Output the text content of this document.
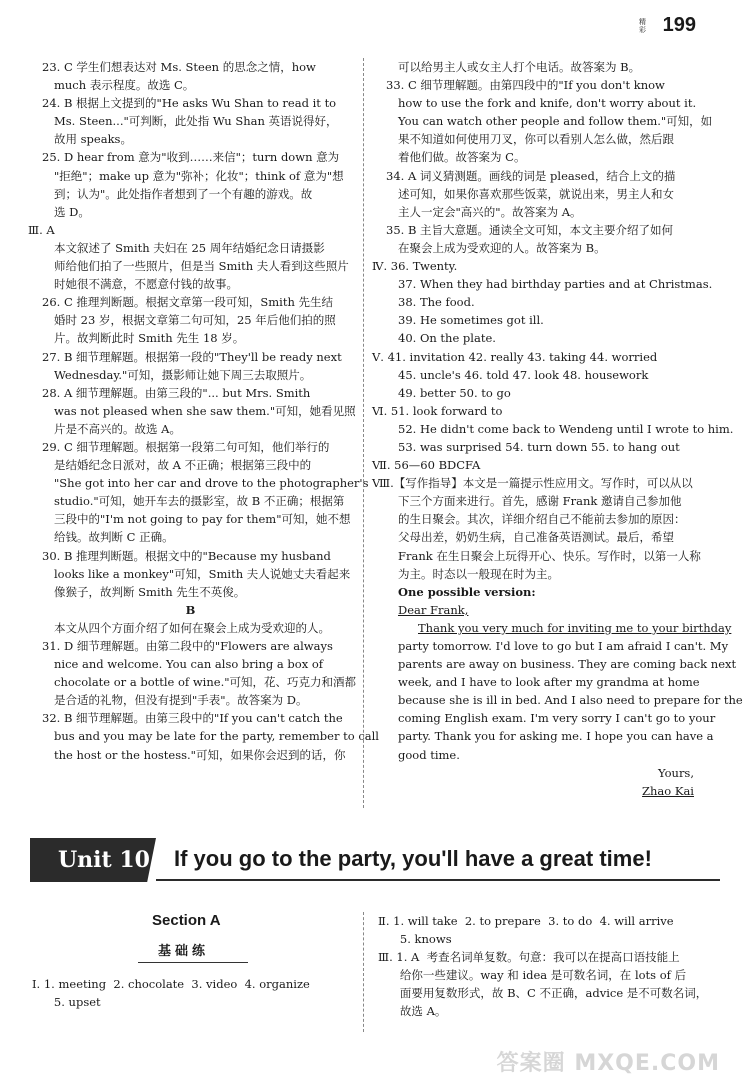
精
彩 199
23. C 学生们想表达对 Ms. Steen 的思念之情，how
much 表示程度。故选 C。
24. B 根据上文提到的"He asks Wu Shan to read it to
Ms. Steen..."可判断，此处指 Wu Shan 英语说得好，
故用 speaks。
25. D hear from 意为"收到……来信"；turn down 意为
"拒绝"；make up 意为"弥补；化妆"；think of 意为"想
到；认为"。此处指作者想到了一个有趣的游戏。故
选 D。
Ⅲ. A
本文叙述了 Smith 夫妇在 25 周年结婚纪念日请摄影
师给他们拍了一些照片，但是当 Smith 夫人看到这些照片
时她很不满意，不愿意付钱的故事。
26. C 推理判断题。根据文章第一段可知，Smith 先生结
婚时 23 岁，根据文章第二句可知，25 年后他们拍的照
片。故判断此时 Smith 先生 18 岁。
27. B 细节理解题。根据第一段的"They'll be ready next
Wednesday."可知，摄影师让她下周三去取照片。
28. A 细节理解题。由第三段的"... but Mrs. Smith
was not pleased when she saw them."可知，她看见照
片是不高兴的。故选 A。
29. C 细节理解题。根据第一段第二句可知，他们举行的
是结婚纪念日派对，故 A 不正确；根据第三段中的
"She got into her car and drove to the photographer's
studio."可知，她开车去的摄影室，故 B 不正确；根据第
三段中的"I'm not going to pay for them"可知，她不想
给钱。故判断 C 正确。
30. B 推理判断题。根据文中的"Because my husband
looks like a monkey"可知，Smith 夫人说她丈夫看起来
像猴子，故判断 Smith 先生不英俊。
B
本文从四个方面介绍了如何在聚会上成为受欢迎的人。
31. D 细节理解题。由第二段中的"Flowers are always
nice and welcome. You can also bring a box of
chocolate or a bottle of wine."可知，花、巧克力和酒都
是合适的礼物，但没有提到"手表"。故答案为 D。
32. B 细节理解题。由第三段中的"If you can't catch the
bus and you may be late for the party, remember to call
the host or the hostess."可知，如果你会迟到的话，你
可以给男主人或女主人打个电话。故答案为 B。
33. C 细节理解题。由第四段中的"If you don't know
how to use the fork and knife, don't worry about it.
You can watch other people and follow them."可知，如
果不知道如何使用刀叉，你可以看别人怎么做，然后跟
着他们做。故答案为 C。
34. A 词义猜测题。画线的词是 pleased，结合上文的描
述可知，如果你喜欢那些饭菜，就说出来，男主人和女
主人一定会"高兴的"。故答案为 A。
35. B 主旨大意题。通读全文可知，本文主要介绍了如何
在聚会上成为受欢迎的人。故答案为 B。
Ⅳ. 36. Twenty.
37. When they had birthday parties and at Christmas.
38. The food.
39. He sometimes got ill.
40. On the plate.
Ⅴ. 41. invitation 42. really 43. taking 44. worried
45. uncle's 46. told 47. look 48. housework
49. better 50. to go
Ⅵ. 51. look forward to
52. He didn't come back to Wendeng until I wrote to him.
53. was surprised 54. turn down 55. to hang out
Ⅶ. 56—60 BDCFA
Ⅷ.【写作指导】本文是一篇提示性应用文。写作时，可以从以
下三个方面来进行。首先，感谢 Frank 邀请自己参加他
的生日聚会。其次，详细介绍自己不能前去参加的原因：
父母出差，奶奶生病，自己准备英语测试。最后，希望
Frank 在生日聚会上玩得开心、快乐。写作时，以第一人称
为主。时态以一般现在时为主。
One possible version:
Dear Frank,
Thank you very much for inviting me to your birthday
party tomorrow. I'd love to go but I am afraid I can't. My
parents are away on business. They are coming back next
week, and I have to look after my grandma at home
because she is ill in bed. And I also need to prepare for the
coming English exam. I'm very sorry I can't go to your
party. Thank you for asking me. I hope you can have a
good time.
Yours,
Zhao Kai
Unit 10 If you go to the party, you'll have a great time!
Section A
基础练
Ⅰ. 1. meeting  2. chocolate  3. video  4. organize
5. upset
Ⅱ. 1. will take  2. to prepare  3. to do  4. will arrive
5. knows
Ⅲ. 1. A  考查名词单复数。句意：我可以在提高口语技能上
给你一些建议。way 和 idea 是可数名词，在 lots of 后
面要用复数形式，故 B、C 不正确，advice 是不可数名词，
故选 A。
答案圈 MXQE.COM
